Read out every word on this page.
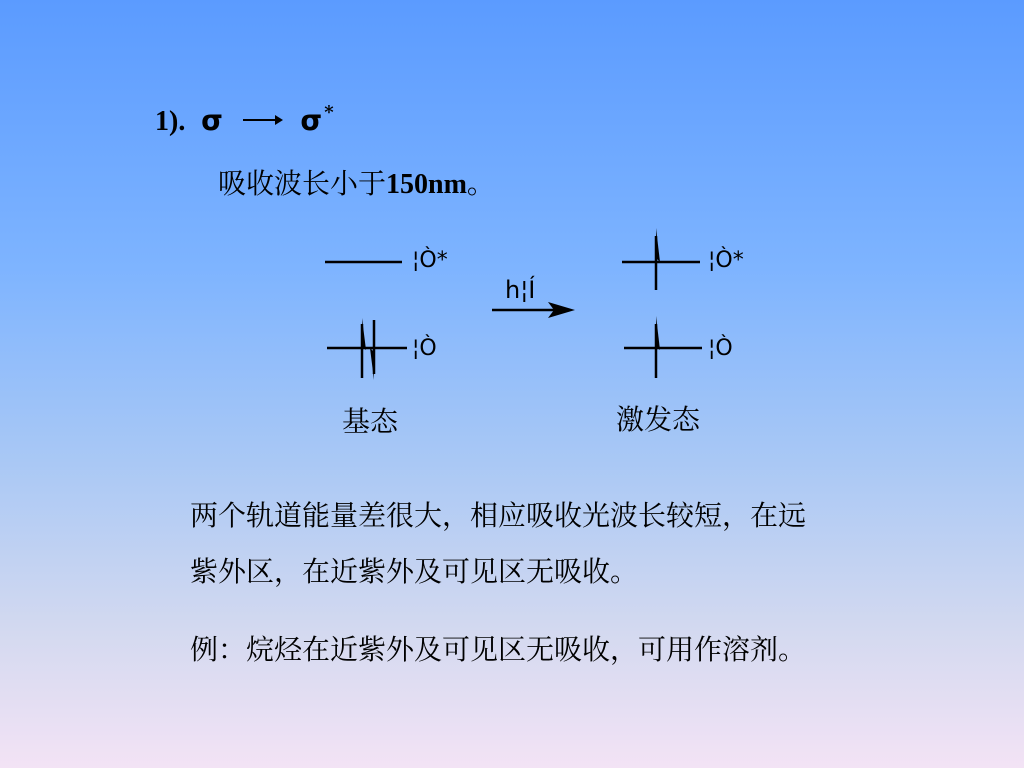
1). σ	σ *
吸收波长小于150nm。
¦Ò*
¦Ò
h¦Í
¦Ò*
¦Ò
基态	激发态
两个轨道能量差很大，相应吸收光波长较短，在远
紫外区，在近紫外及可见区无吸收。
例：烷烃在近紫外及可见区无吸收，可用作溶剂。
